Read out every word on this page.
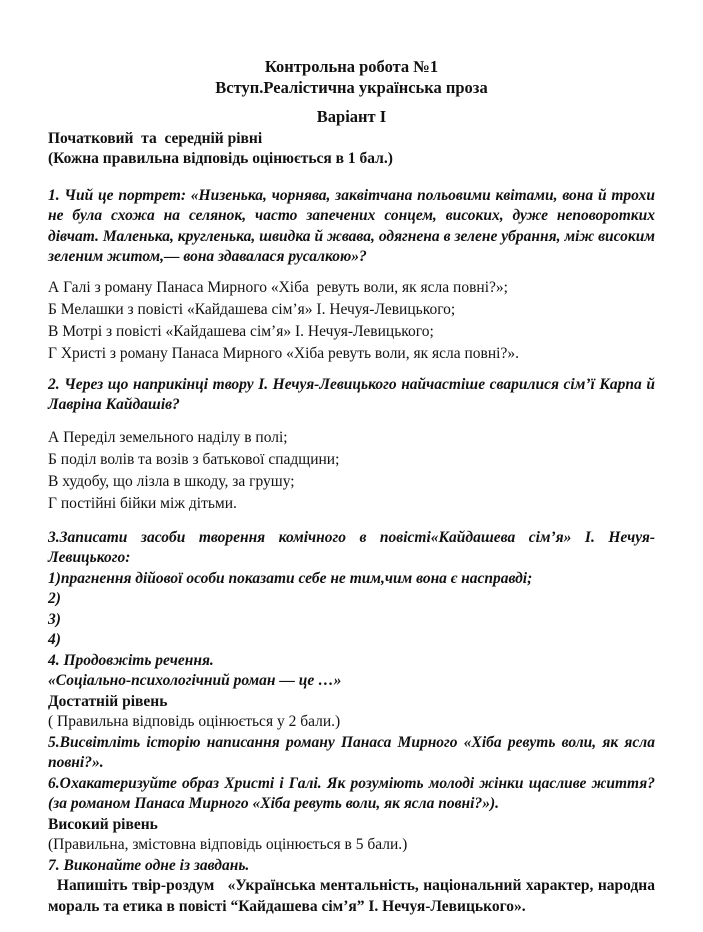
Контрольна робота №1
Вступ.Реалістична українська проза
Варіант І
Початковий  та  середній рівні
(Кожна правильна відповідь оцінюється в 1 бал.)

1. Чий це портрет: «Низенька, чорнява, заквітчана польовими квітами, вона й трохи не була схожа на селянок, часто запечених сонцем, високих, дуже неповоротких дівчат. Маленька, кругленька, швидка й жвава, одягнена в зелене убрання, між високим зеленим житом,— вона здавалася русалкою»?

А Галі з роману Панаса Мирного «Хіба  ревуть воли, як ясла повні?»;
Б Мелашки з повісті «Кайдашева сім’я» І. Нечуя-Левицького;
В Мотрі з повісті «Кайдашева сім’я» І. Нечуя-Левицького;
Г Христі з роману Панаса Мирного «Хіба ревуть воли, як ясла повні?».

2. Через що наприкінці твору І. Нечуя-Левицького найчастіше сварилися сім’ї Карпа й Лавріна Кайдашів?

А Переділ земельного наділу в полі;
Б поділ волів та возів з батькової спадщини;
В худобу, що лізла в шкоду, за грушу;
Г постійні бійки між дітьми.

3.Записати засоби творення комічного в повісті«Кайдашева сім’я» І. Нечуя-Левицького:

1)прагнення дійової особи показати себе не тим,чим вона є насправді;
2)
3)
4)
4. Продовжіть речення.
«Соціально-психологічний роман — це …»
Достатній рівень
( Правильна відповідь оцінюється у 2 бали.)

5.Висвітліть історію написання роману Панаса Мирного «Хіба ревуть воли, як ясла повні?».

6.Охакатеризуйте образ Христі і Галі. Як розуміють молоді жінки щасливе життя?(за романом Панаса Мирного «Хіба ревуть воли, як ясла повні?»).

Високий рівень
(Правильна, змістовна відповідь оцінюється в 5 бали.)
7. Виконайте одне із завдань.

Напишіть твір-роздум   «Українська ментальність, національний характер, народна мораль та етика в повісті “Кайдашева сім’я” І. Нечуя-Левицького».
